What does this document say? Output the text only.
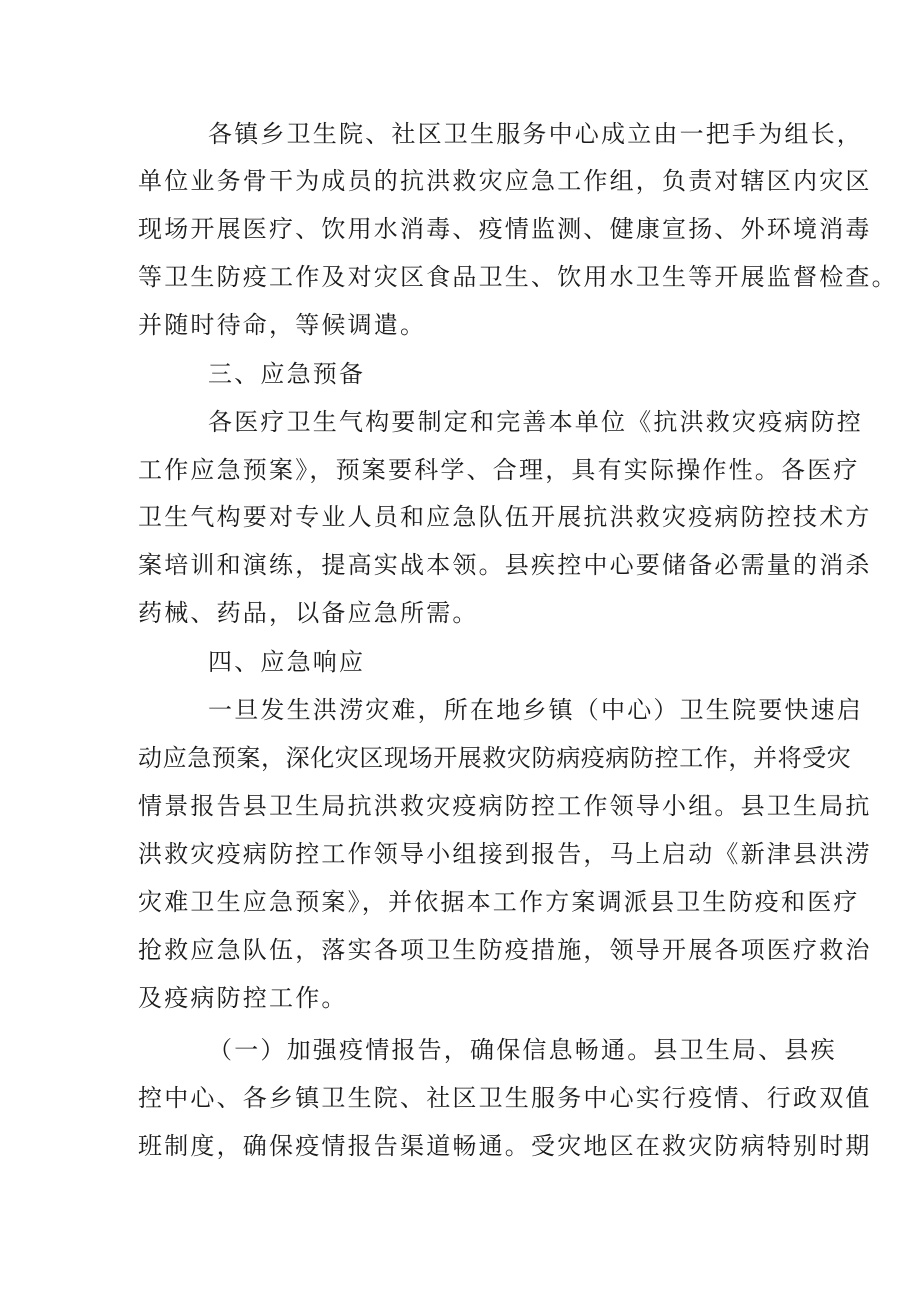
各镇乡卫生院、社区卫生服务中心成立由一把手为组长，
单位业务骨干为成员的抗洪救灾应急工作组，负责对辖区内灾区
现场开展医疗、饮用水消毒、疫情监测、健康宣扬、外环境消毒
等卫生防疫工作及对灾区食品卫生、饮用水卫生等开展监督检查。
并随时待命，等候调遣。
三、应急预备
各医疗卫生气构要制定和完善本单位《抗洪救灾疫病防控
工作应急预案》，预案要科学、合理，具有实际操作性。各医疗
卫生气构要对专业人员和应急队伍开展抗洪救灾疫病防控技术方
案培训和演练，提高实战本领。县疾控中心要储备必需量的消杀
药械、药品，以备应急所需。
四、应急响应
一旦发生洪涝灾难，所在地乡镇（中心）卫生院要快速启
动应急预案，深化灾区现场开展救灾防病疫病防控工作，并将受灾
情景报告县卫生局抗洪救灾疫病防控工作领导小组。县卫生局抗
洪救灾疫病防控工作领导小组接到报告，马上启动《新津县洪涝
灾难卫生应急预案》，并依据本工作方案调派县卫生防疫和医疗
抢救应急队伍，落实各项卫生防疫措施，领导开展各项医疗救治
及疫病防控工作。
（一）加强疫情报告，确保信息畅通。县卫生局、县疾
控中心、各乡镇卫生院、社区卫生服务中心实行疫情、行政双值
班制度，确保疫情报告渠道畅通。受灾地区在救灾防病特别时期
